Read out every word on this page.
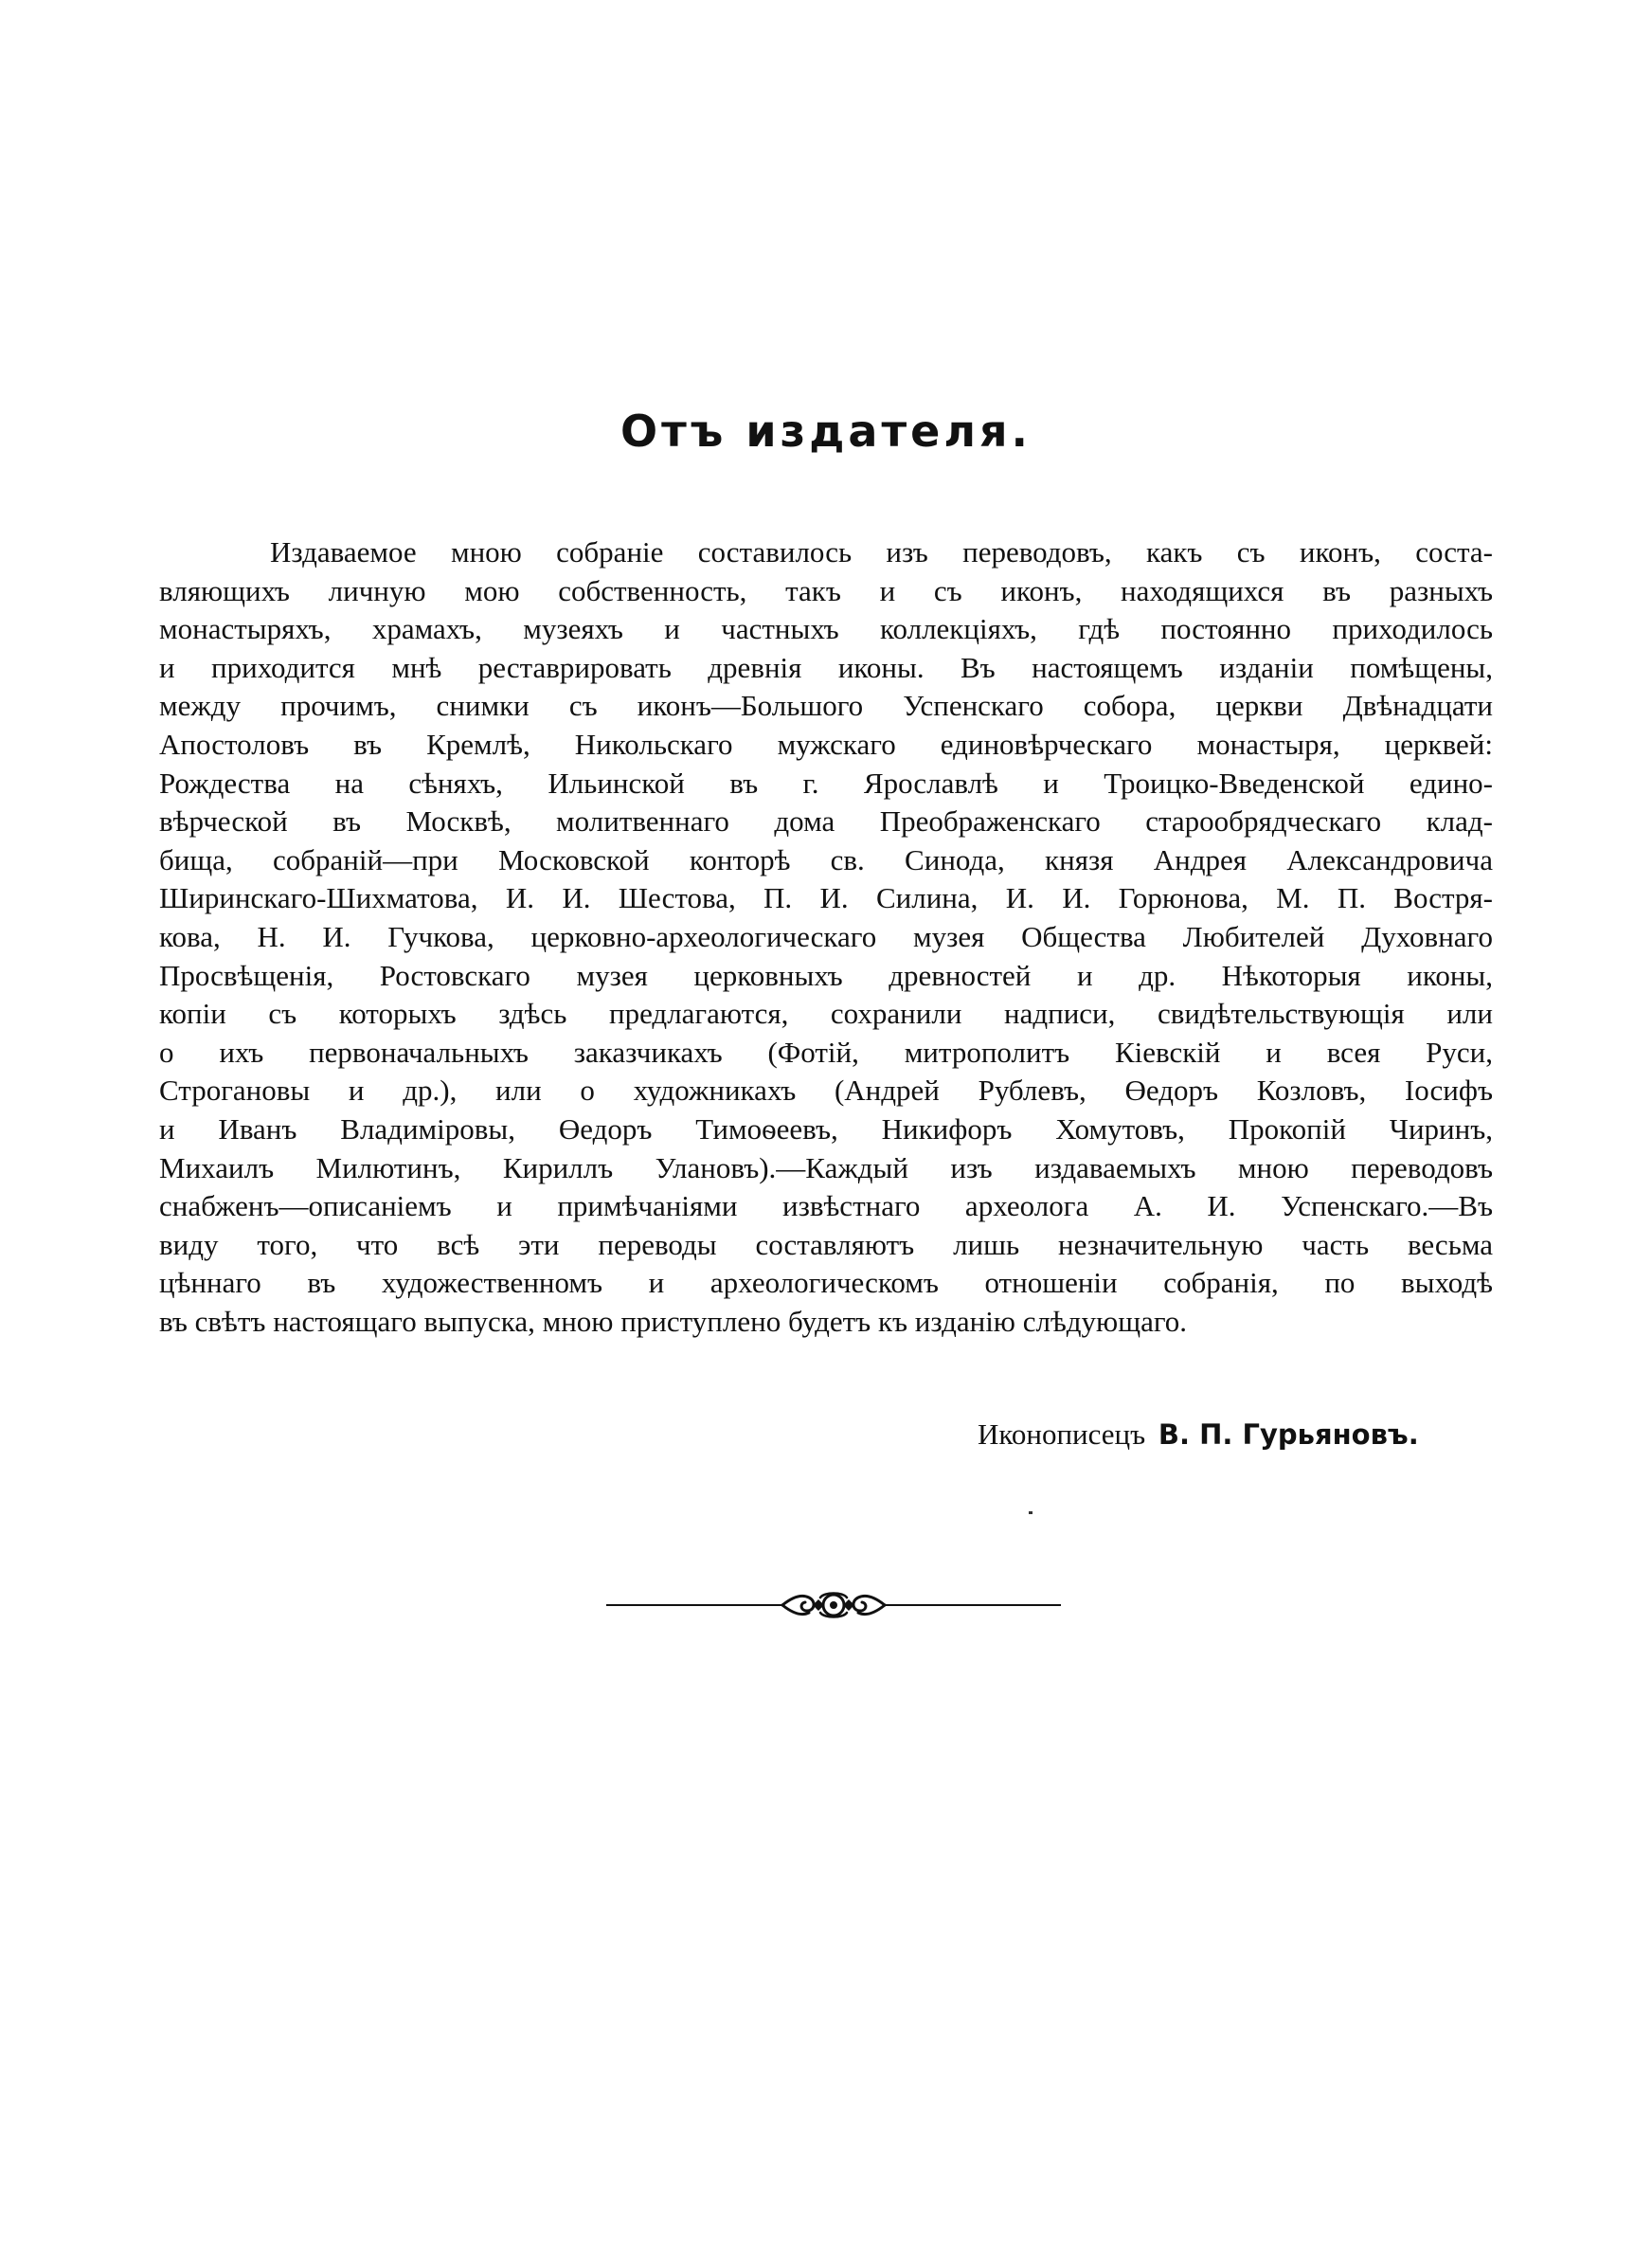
Отъ издателя.
Издаваемое мною собраніе составилось изъ переводовъ, какъ съ иконъ, соста-
вляющихъ личную мою собственность, такъ и съ иконъ, находящихся въ разныхъ
монастыряхъ, храмахъ, музеяхъ и частныхъ коллекціяхъ, гдѣ постоянно приходилось
и приходится мнѣ реставрировать древнія иконы. Въ настоящемъ изданіи помѣщены,
между прочимъ, снимки съ иконъ—Большого Успенскаго собора, церкви Двѣнадцати
Апостоловъ въ Кремлѣ, Никольскаго мужскаго единовѣрческаго монастыря, церквей:
Рождества на сѣняхъ, Ильинской въ г. Ярославлѣ и Троицко-Введенской едино-
вѣрческой въ Москвѣ, молитвеннаго дома Преображенскаго старообрядческаго клад-
бища, собраній—при Московской конторѣ св. Синода, князя Андрея Александровича
Ширинскаго-Шихматова, И. И. Шестова, П. И. Силина, И. И. Горюнова, М. П. Востря-
кова, Н. И. Гучкова, церковно-археологическаго музея Общества Любителей Духовнаго
Просвѣщенія, Ростовскаго музея церковныхъ древностей и др. Нѣкоторыя иконы,
копіи съ которыхъ здѣсь предлагаются, сохранили надписи, свидѣтельствующія или
о ихъ первоначальныхъ заказчикахъ (Фотій, митрополитъ Кіевскій и всея Руси,
Строгановы и др.), или о художникахъ (Андрей Рублевъ, Өедоръ Козловъ, Іосифъ
и Иванъ Владиміровы, Өедоръ Тимоѳеевъ, Никифоръ Хомутовъ, Прокопій Чиринъ,
Михаилъ Милютинъ, Кириллъ Улановъ).—Каждый изъ издаваемыхъ мною переводовъ
снабженъ—описаніемъ и примѣчаніями извѣстнаго археолога А. И. Успенскаго.—Въ
виду того, что всѣ эти переводы составляютъ лишь незначительную часть весьма
цѣннаго въ художественномъ и археологическомъ отношеніи собранія, по выходѣ
въ свѣтъ настоящаго выпуска, мною приступлено будетъ къ изданію слѣдующаго.
Иконописецъ В. П. Гурьяновъ.
